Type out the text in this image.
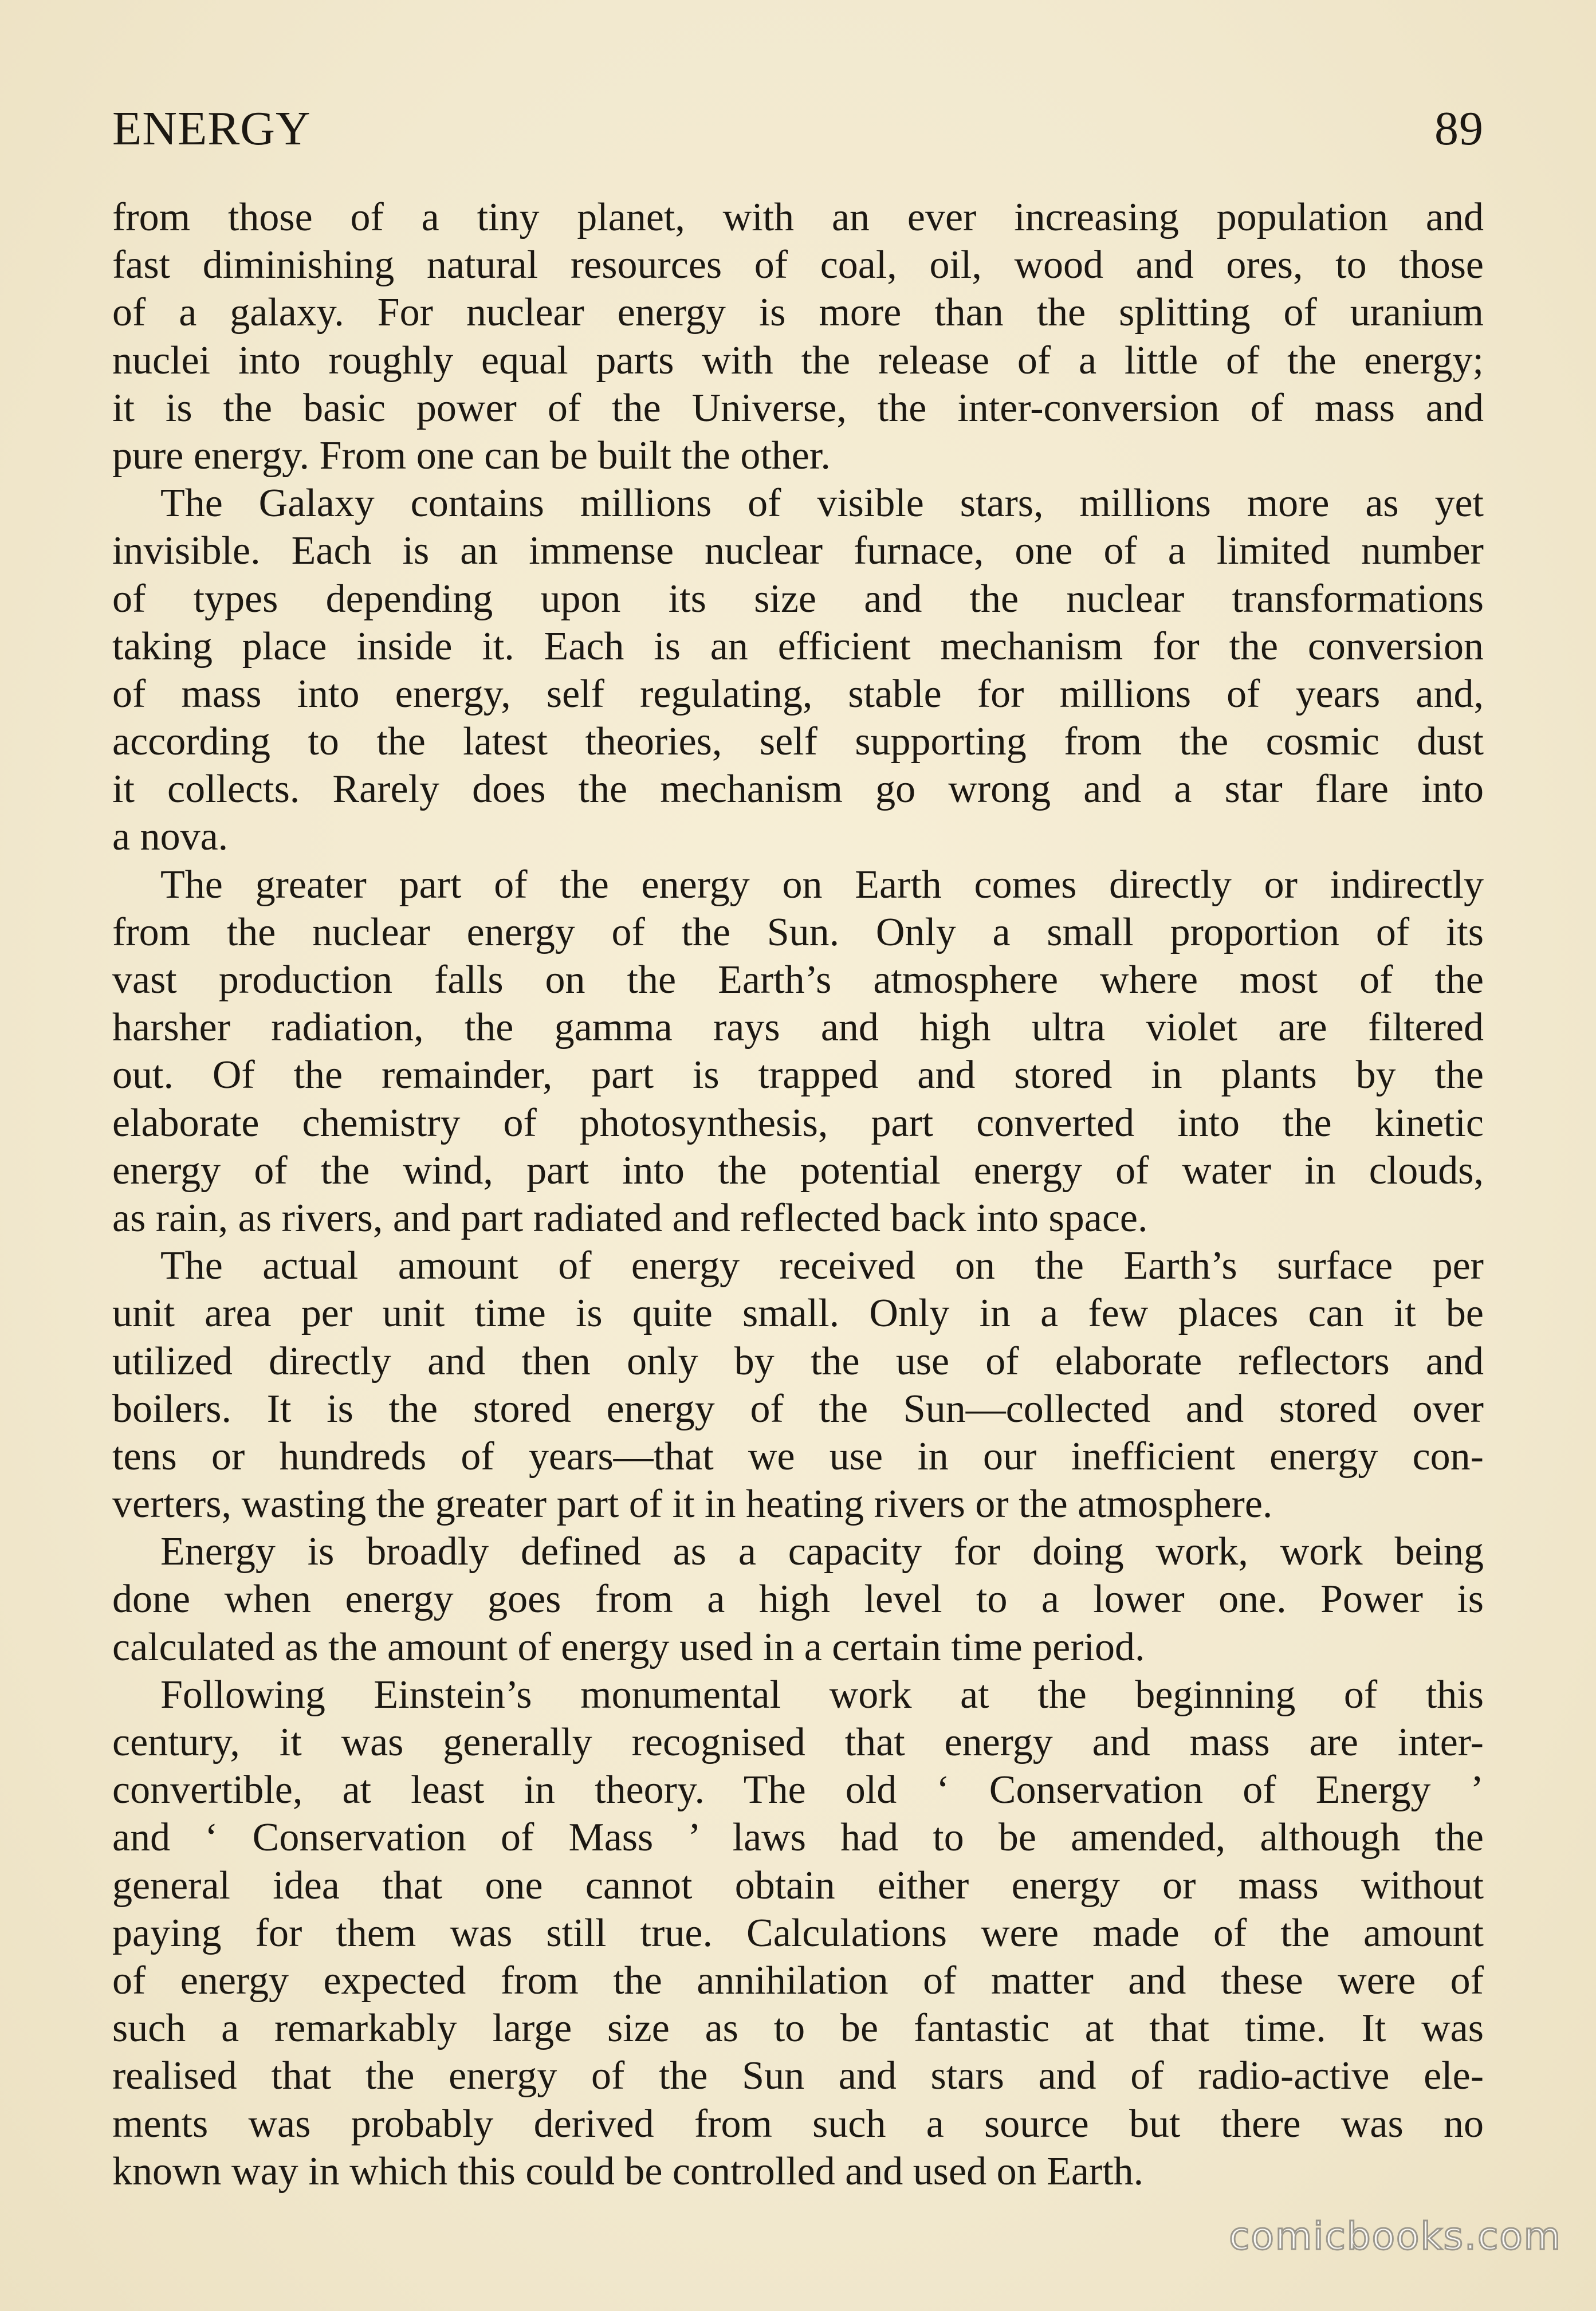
ENERGY	89
from those of a tiny planet, with an ever increasing population and
fast diminishing natural resources of coal, oil, wood and ores, to those
of a galaxy. For nuclear energy is more than the splitting of uranium
nuclei into roughly equal parts with the release of a little of the energy;
it is the basic power of the Universe, the inter-conversion of mass and
pure energy. From one can be built the other.
The Galaxy contains millions of visible stars, millions more as yet
invisible. Each is an immense nuclear furnace, one of a limited number
of types depending upon its size and the nuclear transformations
taking place inside it. Each is an efficient mechanism for the conversion
of mass into energy, self regulating, stable for millions of years and,
according to the latest theories, self supporting from the cosmic dust
it collects. Rarely does the mechanism go wrong and a star flare into
a nova.
The greater part of the energy on Earth comes directly or indirectly
from the nuclear energy of the Sun. Only a small proportion of its
vast production falls on the Earth’s atmosphere where most of the
harsher radiation, the gamma rays and high ultra violet are filtered
out. Of the remainder, part is trapped and stored in plants by the
elaborate chemistry of photosynthesis, part converted into the kinetic
energy of the wind, part into the potential energy of water in clouds,
as rain, as rivers, and part radiated and reflected back into space.
The actual amount of energy received on the Earth’s surface per
unit area per unit time is quite small. Only in a few places can it be
utilized directly and then only by the use of elaborate reflectors and
boilers. It is the stored energy of the Sun—collected and stored over
tens or hundreds of years—that we use in our inefficient energy con-
verters, wasting the greater part of it in heating rivers or the atmosphere.
Energy is broadly defined as a capacity for doing work, work being
done when energy goes from a high level to a lower one. Power is
calculated as the amount of energy used in a certain time period.
Following Einstein’s monumental work at the beginning of this
century, it was generally recognised that energy and mass are inter-
convertible, at least in theory. The old ‘ Conservation of Energy ’
and ‘ Conservation of Mass ’ laws had to be amended, although the
general idea that one cannot obtain either energy or mass without
paying for them was still true. Calculations were made of the amount
of energy expected from the annihilation of matter and these were of
such a remarkably large size as to be fantastic at that time. It was
realised that the energy of the Sun and stars and of radio-active ele-
ments was probably derived from such a source but there was no
known way in which this could be controlled and used on Earth.
comicbooks.com
